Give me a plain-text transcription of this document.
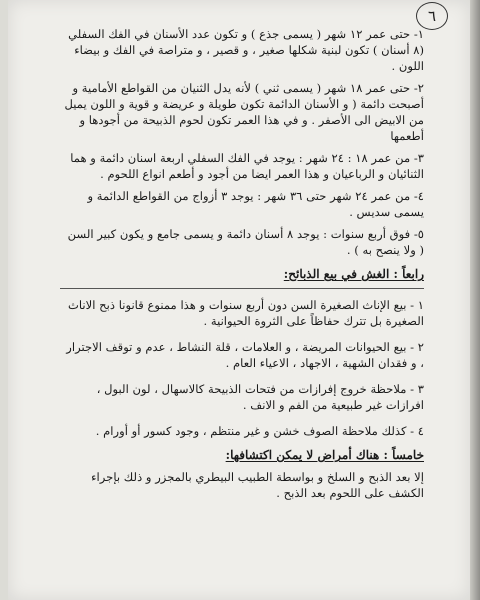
٦

١- حتى عمر ١٢ شهر ( يسمى جذع ) و تكون عدد الأسنان في الفك السفلي (٨ أسنان ) تكون لبنية شكلها صغير ، و قصير ، و متراصة في الفك و بيضاء اللون .

٢- حتى عمر ١٨ شهر ( يسمى ثني ) لأنه يدل الثنيان من القواطع الأمامية و أصبحت دائمة ( و الأسنان الدائمة تكون طويلة و عريضة و قوية و اللون يميل من الابيض الى الأصفر . و في هذا العمر تكون لحوم الذبيحة من أجودها و أطعمها

٣- من عمر ١٨ : ٢٤ شهر : يوجد في الفك السفلي اربعة اسنان دائمة و هما الثنائيان و الرباعيان و هذا العمر ايضا من أجود و أطعم انواع اللحوم .

٤- من عمر ٢٤ شهر حتى ٣٦ شهر : يوجد ٣ أزواج من القواطع الدائمة و يسمى سديس .

٥- فوق أربع سنوات : يوجد ٨ أسنان دائمة و يسمى جامع و يكون كبير السن ( ولا ينصح به ) .

رابعاً : الغش في بيع الذبائح:

١ - بيع الإناث الصغيرة السن دون أربع سنوات و هذا ممنوع قانونا ذبح الاناث الصغيرة بل تترك حفاظاً على الثروة الحيوانية .

٢ - بيع الحيوانات المريضة ، و العلامات ، قلة النشاط ، عدم و توقف الاجترار ، و فقدان الشهية ، الاجهاد ، الاعياء العام .

٣ - ملاحظة خروج إفرازات من فتحات الذبيحة كالاسهال ، لون البول ، افرازات غير طبيعية من الفم و الانف .

٤ - كذلك ملاحظة الصوف خشن و غير منتظم ، وجود كسور أو أورام .

خامساً : هناك أمراض لا يمكن اكتشافها:

إلا بعد الذبح و السلخ و بواسطة الطبيب البيطري بالمجزر و ذلك بإجراء الكشف على اللحوم بعد الذبح .
